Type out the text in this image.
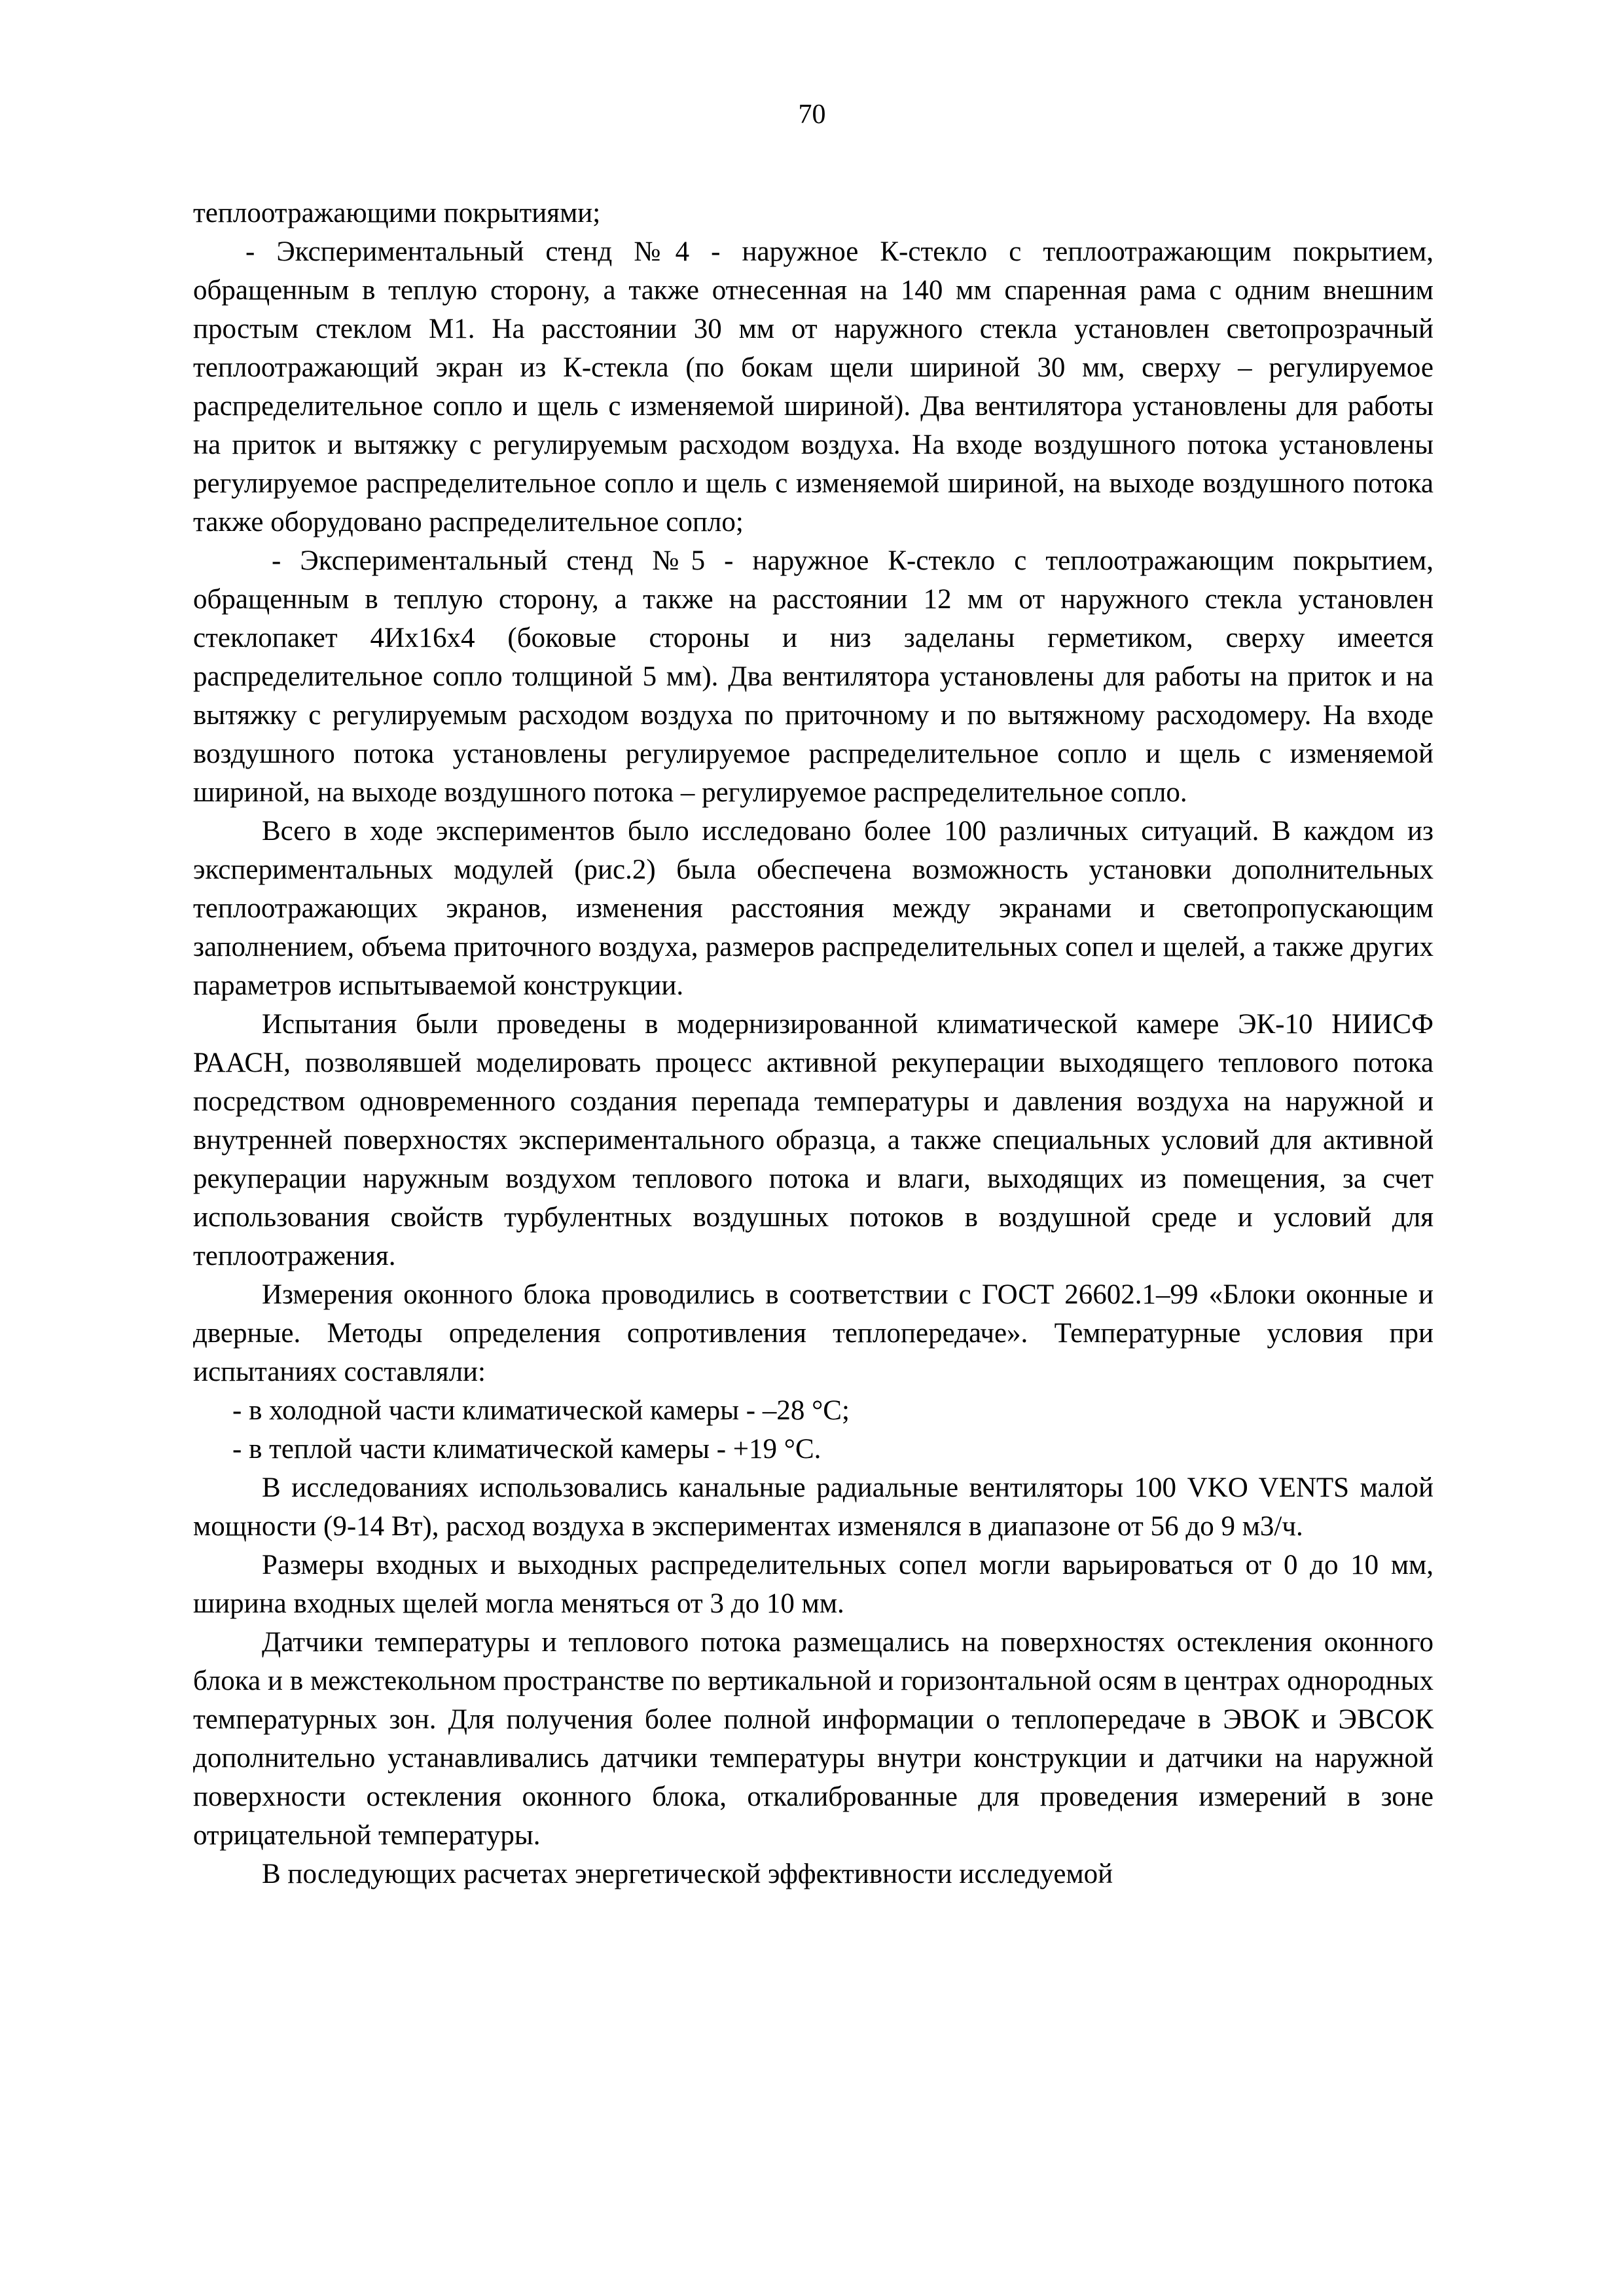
70

теплоотражающими покрытиями;

- Экспериментальный стенд №4 - наружное К-стекло с теплоотражающим покрытием, обращенным в теплую сторону, а также отнесенная на 140 мм спаренная рама с одним внешним простым стеклом М1. На расстоянии 30 мм от наружного стекла установлен светопрозрачный теплоотражающий экран из К-стекла (по бокам щели шириной 30 мм, сверху – регулируемое распределительное сопло и щель с изменяемой шириной). Два вентилятора установлены для работы на приток и вытяжку с регулируемым расходом воздуха. На входе воздушного потока установлены регулируемое распределительное сопло и щель с изменяемой шириной, на выходе воздушного потока также оборудовано распределительное сопло;

- Экспериментальный стенд №5 - наружное К-стекло с теплоотражающим покрытием, обращенным в теплую сторону, а также на расстоянии 12 мм от наружного стекла установлен стеклопакет 4Их16х4 (боковые стороны и низ заделаны герметиком, сверху имеется распределительное сопло толщиной 5 мм). Два вентилятора установлены для работы на приток и на вытяжку с регулируемым расходом воздуха по приточному и по вытяжному расходомеру. На входе воздушного потока установлены регулируемое распределительное сопло и щель с изменяемой шириной, на выходе воздушного потока – регулируемое распределительное сопло.

Всего в ходе экспериментов было исследовано более 100 различных ситуаций. В каждом из экспериментальных модулей (рис.2) была обеспечена возможность установки дополнительных теплоотражающих экранов, изменения расстояния между экранами и светопропускающим заполнением, объема приточного воздуха, размеров распределительных сопел и щелей, а также других параметров испытываемой конструкции.

Испытания были проведены в модернизированной климатической камере ЭК-10 НИИСФ РААСН, позволявшей моделировать процесс активной рекуперации выходящего теплового потока посредством одновременного создания перепада температуры и давления воздуха на наружной и внутренней поверхностях экспериментального образца, а также специальных условий для активной рекуперации наружным воздухом теплового потока и влаги, выходящих из помещения, за счет использования свойств турбулентных воздушных потоков в воздушной среде и условий для теплоотражения.

Измерения оконного блока проводились в соответствии с ГОСТ 26602.1–99 «Блоки оконные и дверные. Методы определения сопротивления теплопередаче». Температурные условия при испытаниях составляли:

- в холодной части климатической камеры - –28 °С;

- в теплой части климатической камеры - +19 °С.

В исследованиях использовались канальные радиальные вентиляторы 100 VKO VENTS малой мощности (9-14 Вт), расход воздуха в экспериментах изменялся в диапазоне от 56 до 9 м3/ч.

Размеры входных и выходных распределительных сопел могли варьироваться от 0 до 10 мм, ширина входных щелей могла меняться от 3 до 10 мм.

Датчики температуры и теплового потока размещались на поверхностях остекления оконного блока и в межстекольном пространстве по вертикальной и горизонтальной осям в центрах однородных температурных зон. Для получения более полной информации о теплопередаче в ЭВОК и ЭВСОК дополнительно устанавливались датчики температуры внутри конструкции и датчики на наружной поверхности остекления оконного блока, откалиброванные для проведения измерений в зоне отрицательной температуры.

В последующих расчетах энергетической эффективности исследуемой
